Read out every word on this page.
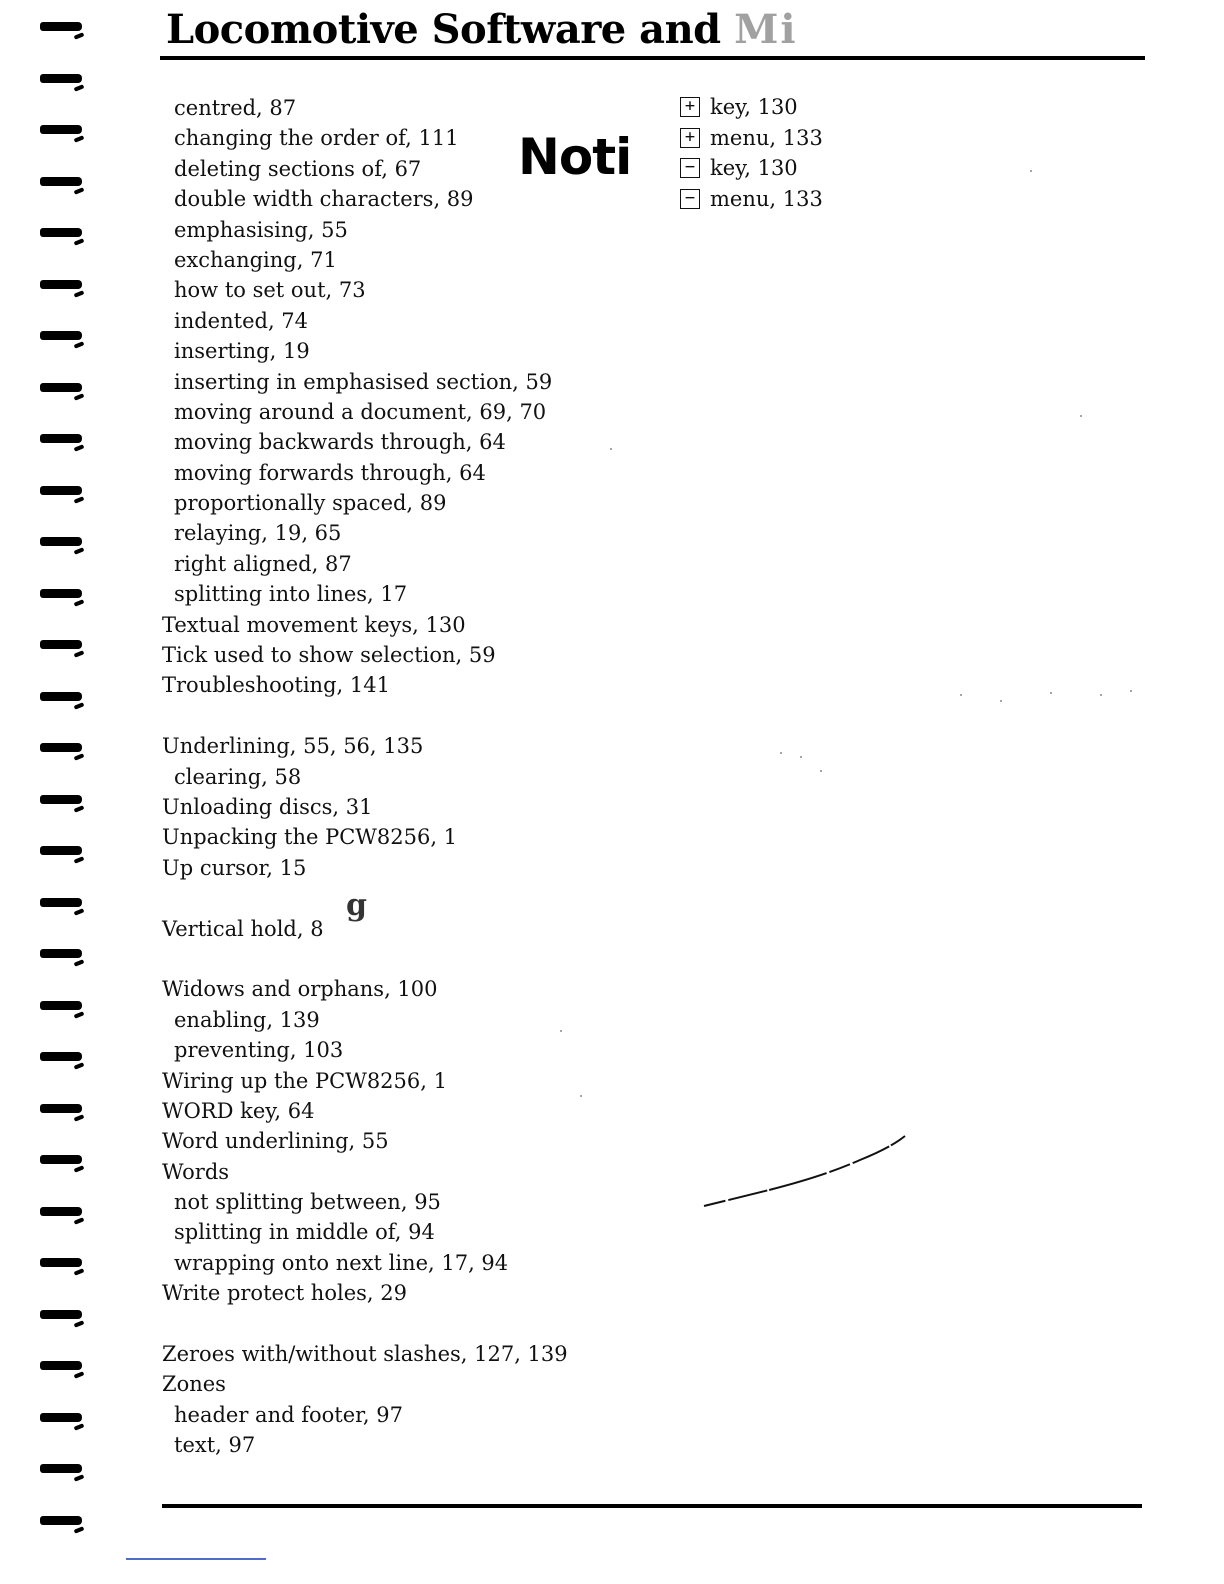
Locomotive Software and Mi
centred, 87
changing the order of, 111
deleting sections of, 67
double width characters, 89
emphasising, 55
exchanging, 71
how to set out, 73
indented, 74
inserting, 19
inserting in emphasised section, 59
moving around a document, 69, 70
moving backwards through, 64
moving forwards through, 64
proportionally spaced, 89
relaying, 19, 65
right aligned, 87
splitting into lines, 17
Textual movement keys, 130
Tick used to show selection, 59
Troubleshooting, 141
Underlining, 55, 56, 135
clearing, 58
Unloading discs, 31
Unpacking the PCW8256, 1
Up cursor, 15
Vertical hold, 8
Widows and orphans, 100
enabling, 139
preventing, 103
Wiring up the PCW8256, 1
WORD key, 64
Word underlining, 55
Words
not splitting between, 95
splitting in middle of, 94
wrapping onto next line, 17, 94
Write protect holes, 29
Zeroes with/without slashes, 127, 139
Zones
header and footer, 97
text, 97
Noti
g
+ key, 130
+ menu, 133
− key, 130
− menu, 133
